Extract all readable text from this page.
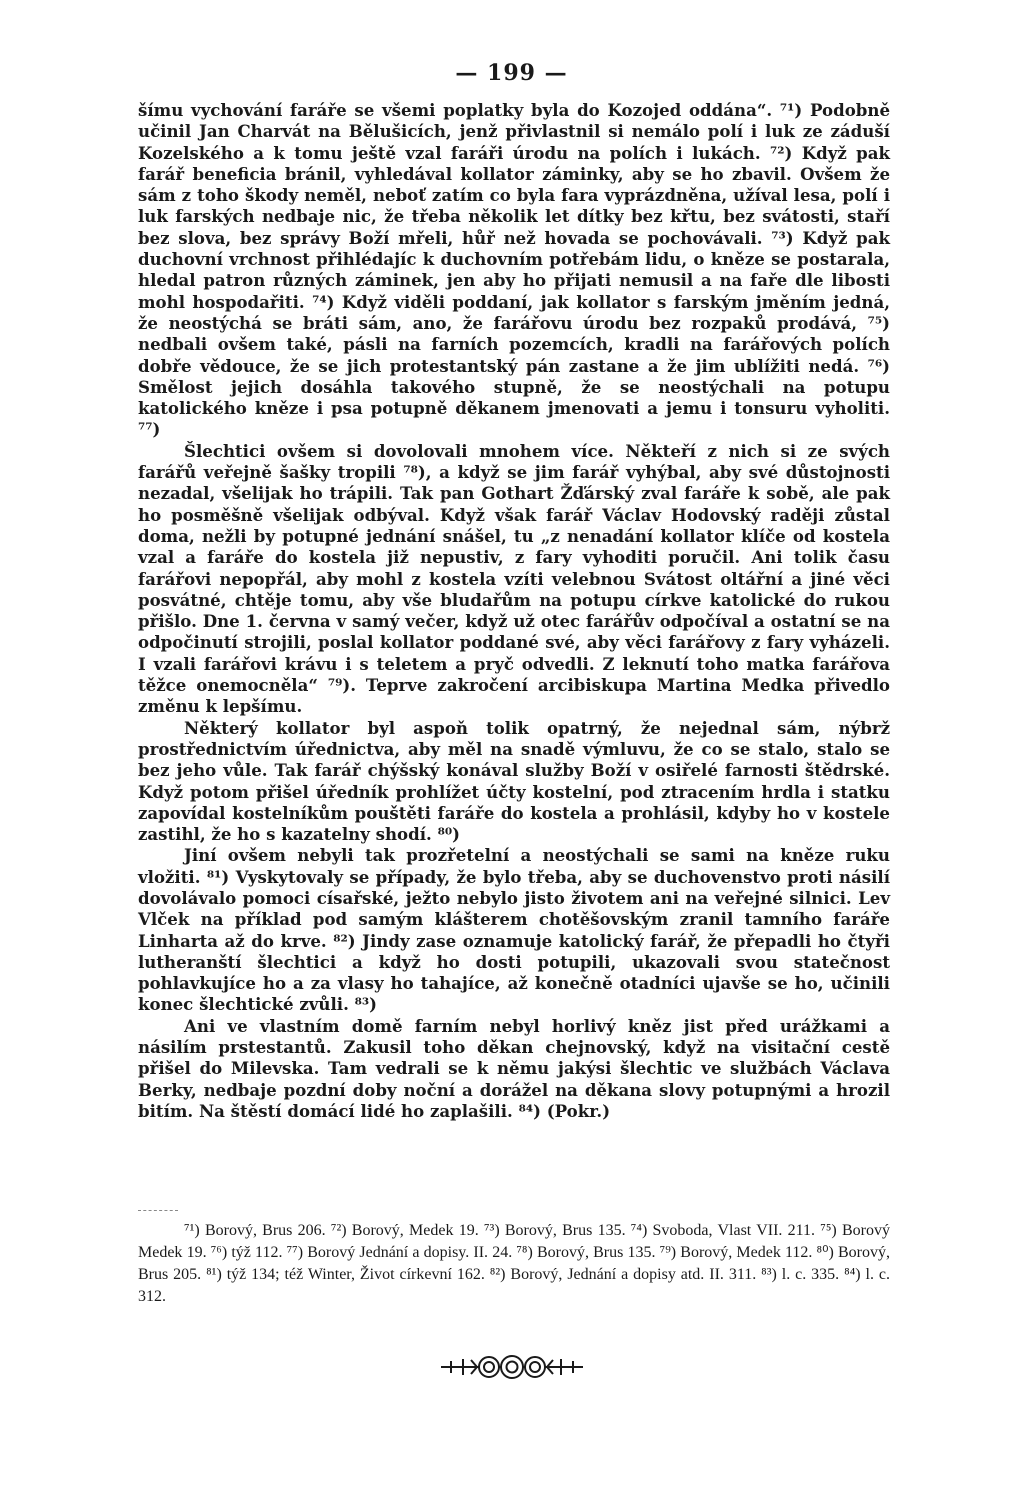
— 199 —

šímu vychování faráře se všemi poplatky byla do Kozojed oddána“. ⁷¹) Podobně učinil Jan Charvát na Bělušicích, jenž přivlastnil si nemálo polí i luk ze záduší Kozelského a k tomu ještě vzal faráři úrodu na polích i lukách. ⁷²) Když pak farář beneficia bránil, vyhledával kollator záminky, aby se ho zbavil. Ovšem že sám z toho škody neměl, neboť zatím co byla fara vyprázdněna, užíval lesa, polí i luk farských nedbaje nic, že třeba několik let dítky bez křtu, bez svátosti, staří bez slova, bez správy Boží mřeli, hůř než hovada se pochovávali. ⁷³) Když pak duchovní vrchnost přihlédajíc k duchovním potřebám lidu, o kněze se postarala, hledal patron různých záminek, jen aby ho přijati nemusil a na faře dle libosti mohl hospodařiti. ⁷⁴) Když viděli poddaní, jak kollator s farským jměním jedná, že neostýchá se bráti sám, ano, že farářovu úrodu bez rozpaků prodává, ⁷⁵) nedbali ovšem také, pásli na farních pozemcích, kradli na farářových polích dobře vědouce, že se jich protestantský pán zastane a že jim ublížiti nedá. ⁷⁶) Smělost jejich dosáhla takového stupně, že se neostýchali na potupu katolického kněze i psa potupně děkanem jmenovati a jemu i tonsuru vyholiti. ⁷⁷)

Šlechtici ovšem si dovolovali mnohem více. Někteří z nich si ze svých farářů veřejně šašky tropili ⁷⁸), a když se jim farář vyhýbal, aby své důstojnosti nezadal, všelijak ho trápili. Tak pan Gothart Žďárský zval faráře k sobě, ale pak ho posměšně všelijak odbýval. Když však farář Václav Hodovský raději zůstal doma, nežli by potupné jednání snášel, tu „z nenadání kollator klíče od kostela vzal a faráře do kostela již nepustiv, z fary vyhoditi poručil. Ani tolik času farářovi nepopřál, aby mohl z kostela vzíti velebnou Svátost oltářní a jiné věci posvátné, chtěje tomu, aby vše bludařům na potupu církve katolické do rukou přišlo. Dne 1. června v samý večer, když už otec farářův odpočíval a ostatní se na odpočinutí strojili, poslal kollator poddané své, aby věci farářovy z fary vyházeli. I vzali farářovi krávu i s teletem a pryč odvedli. Z leknutí toho matka farářova těžce onemocněla“ ⁷⁹). Teprve zakročení arcibiskupa Martina Medka přivedlo změnu k lepšímu.

Některý kollator byl aspoň tolik opatrný, že nejednal sám, nýbrž prostřednictvím úřednictva, aby měl na snadě výmluvu, že co se stalo, stalo se bez jeho vůle. Tak farář chýšský konával služby Boží v osiřelé farnosti štědrské. Když potom přišel úředník prohlížet účty kostelní, pod ztracením hrdla i statku zapovídal kostelníkům pouštěti faráře do kostela a prohlásil, kdyby ho v kostele zastihl, že ho s kazatelny shodí. ⁸⁰)

Jiní ovšem nebyli tak prozřetelní a neostýchali se sami na kněze ruku vložiti. ⁸¹) Vyskytovaly se případy, že bylo třeba, aby se duchovenstvo proti násilí dovolávalo pomoci císařské, ježto nebylo jisto životem ani na veřejné silnici. Lev Vlček na příklad pod samým klášterem chotěšovským zranil tamního faráře Linharta až do krve. ⁸²) Jindy zase oznamuje katolický farář, že přepadli ho čtyři lutheranští šlechtici a když ho dosti potupili, ukazovali svou statečnost pohlavkujíce ho a za vlasy ho tahajíce, až konečně otadníci ujavše se ho, učinili konec šlechtické zvůli. ⁸³)

Ani ve vlastním domě farním nebyl horlivý kněz jist před urážkami a násilím prstestantů. Zakusil toho děkan chejnovský, když na visitační cestě přišel do Milevska. Tam vedrali se k němu jakýsi šlechtic ve službách Václava Berky, nedbaje pozdní doby noční a dorážel na děkana slovy potupnými a hrozil bitím. Na štěstí domácí lidé ho zaplašili. ⁸⁴) (Pokr.)

⁷¹) Borový, Brus 206. ⁷²) Borový, Medek 19. ⁷³) Borový, Brus 135. ⁷⁴) Svoboda, Vlast VII. 211. ⁷⁵) Borový Medek 19. ⁷⁶) týž 112. ⁷⁷) Borový Jednání a dopisy. II. 24. ⁷⁸) Borový, Brus 135. ⁷⁹) Borový, Medek 112. ⁸⁰) Borový, Brus 205. ⁸¹) týž 134; též Winter, Život církevní 162. ⁸²) Borový, Jednání a dopisy atd. II. 311. ⁸³) l. c. 335. ⁸⁴) l. c. 312.
